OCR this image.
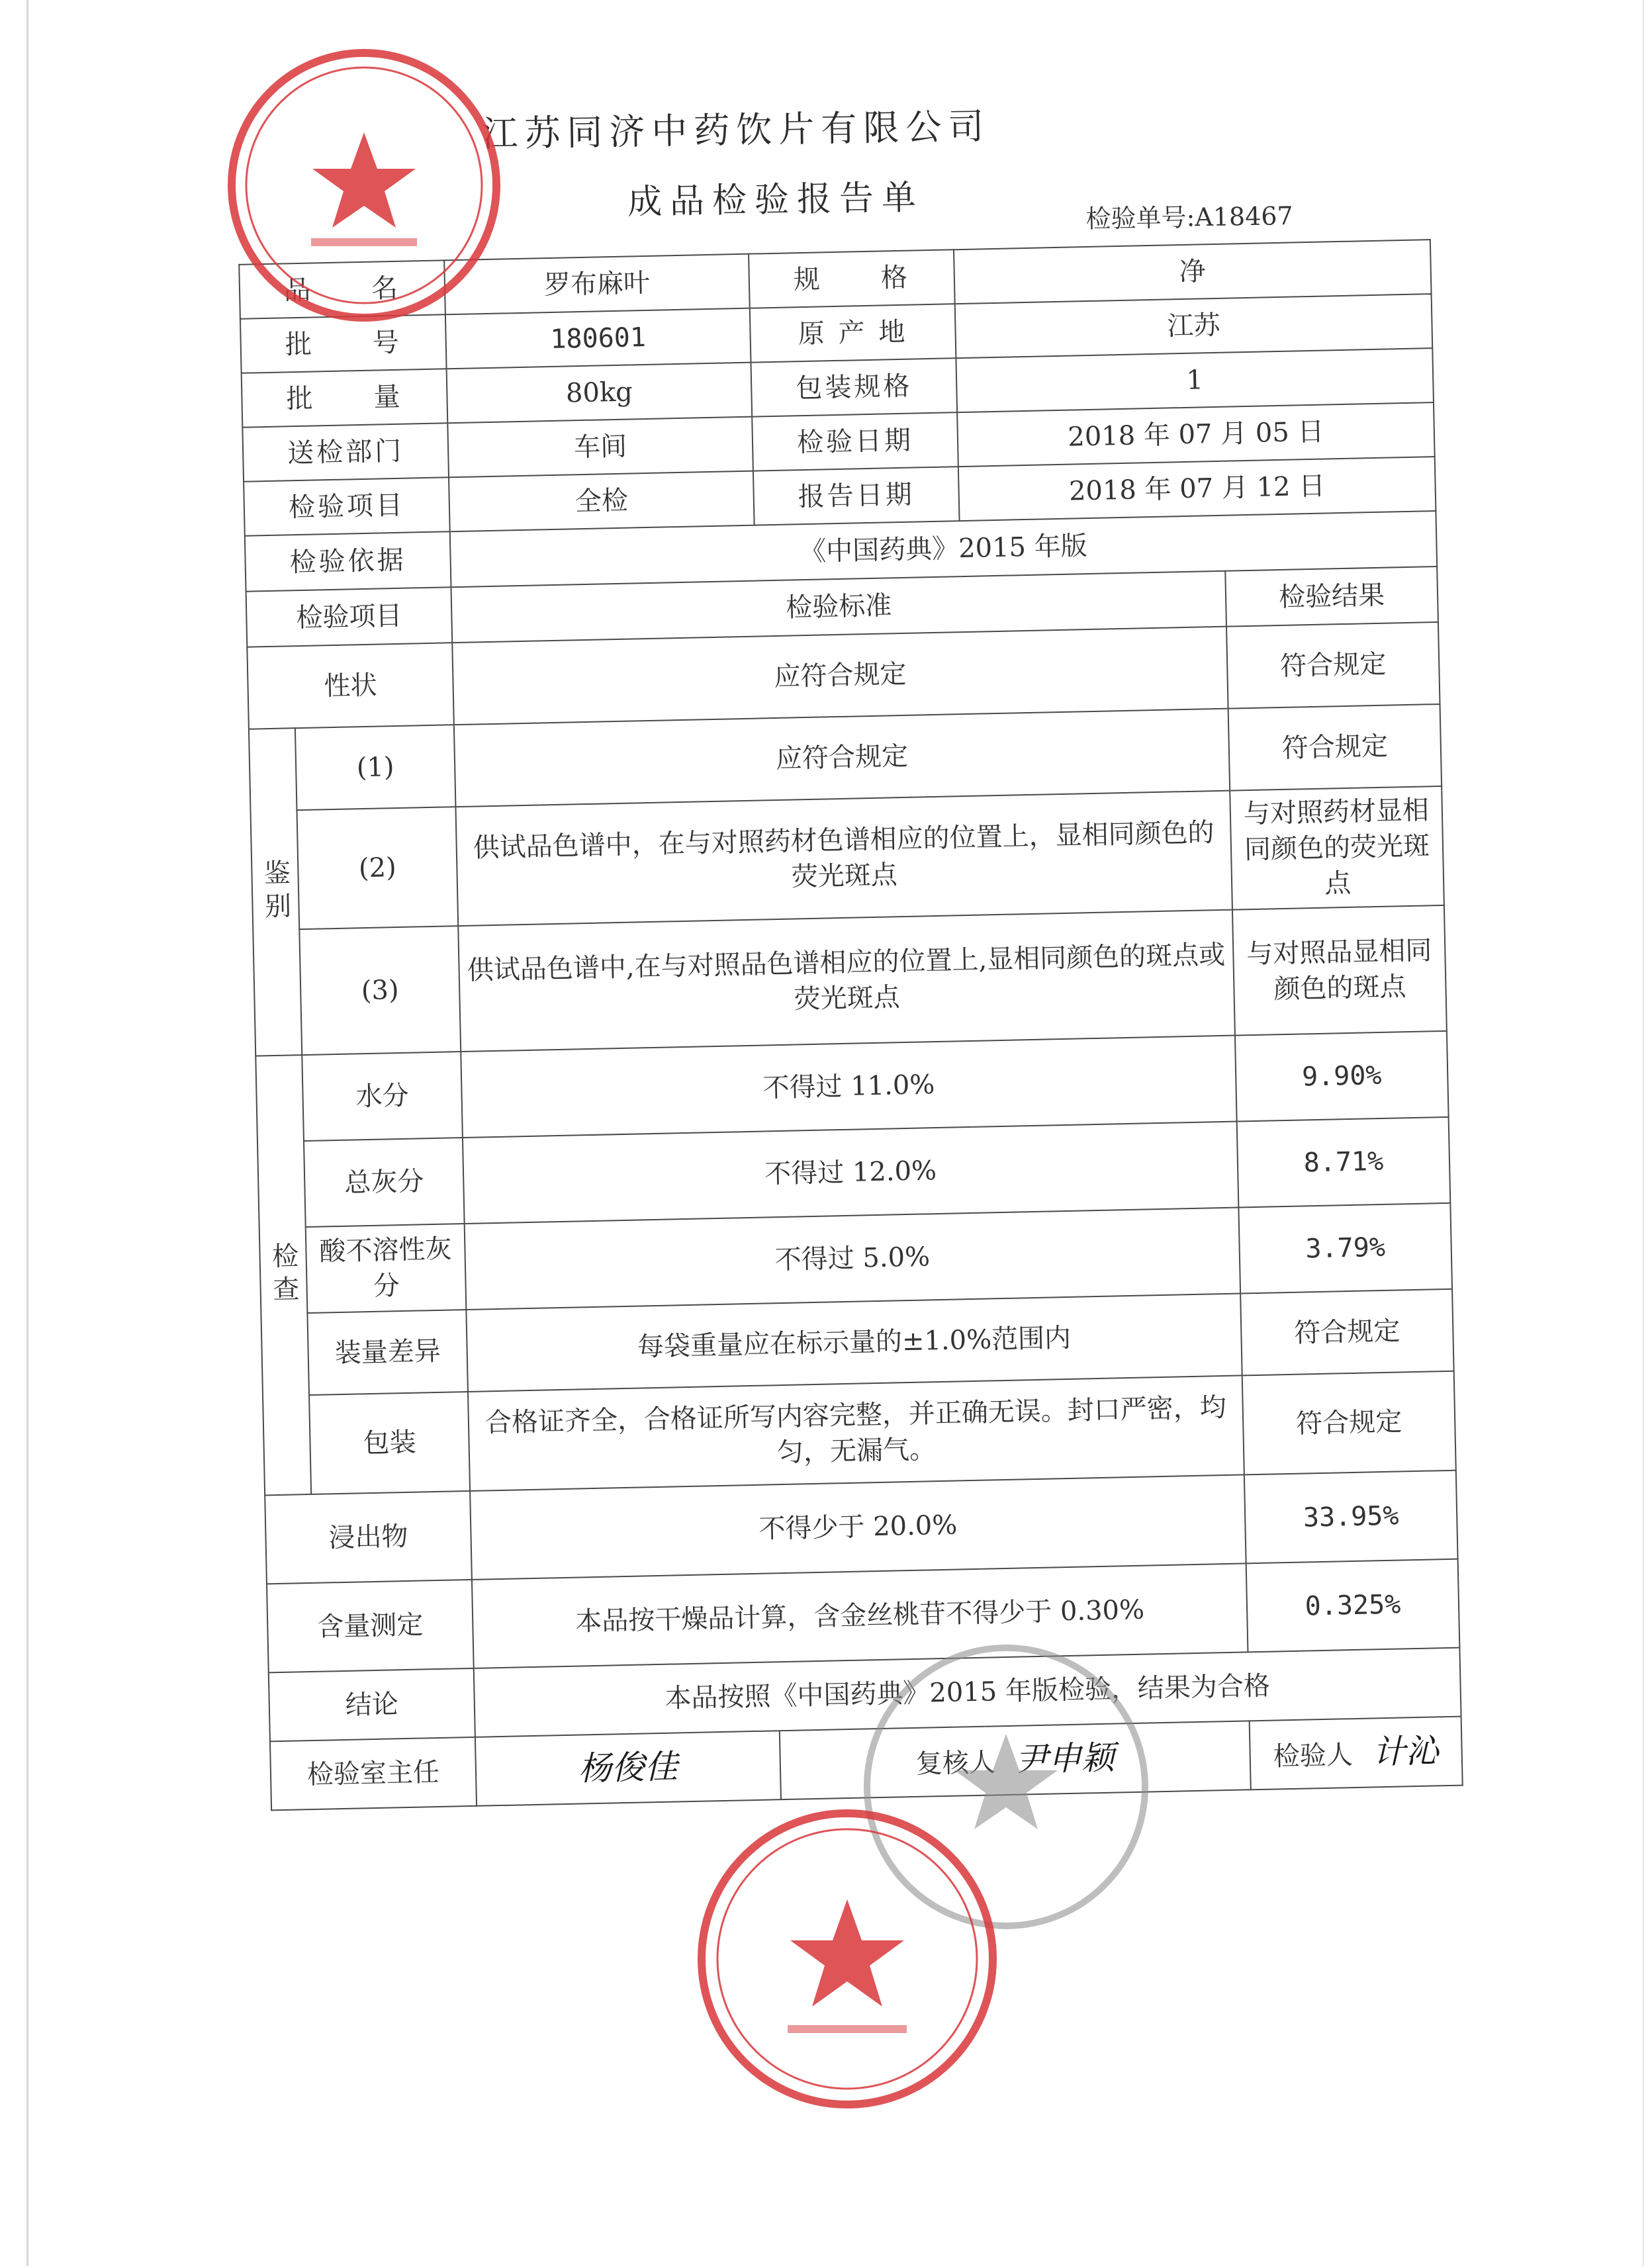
江苏同济中药饮片有限公司
成品检验报告单	检验单号:A18467
品　　名		罗布麻叶	规　　格	净	
批　　号		180601	原 产 地	江苏	
批　　量		80kg	包装规格	1	
送检部门		车间	检验日期	2018 年 07 月 05 日	
检验项目		全检	报告日期	2018 年 07 月 12 日	
检验依据		《中国药典》2015 年版			
检验项目		检验标准			检验结果
性状		应符合规定			符合规定
鉴别	(1)	应符合规定			符合规定
	(2)	供试品色谱中，在与对照药材色谱相应的位置上，显相同颜色的荧光斑点			与对照药材显相同颜色的荧光斑点
	(3)	供试品色谱中,在与对照品色谱相应的位置上,显相同颜色的斑点或荧光斑点			与对照品显相同颜色的斑点
检查	水分	不得过 11.0%			9.90%
	总灰分	不得过 12.0%			8.71%
	酸不溶性灰分	不得过 5.0%			3.79%
	装量差异	每袋重量应在标示量的±1.0%范围内			符合规定
	包装	合格证齐全，合格证所写内容完整，并正确无误。封口严密，均匀，无漏气。			符合规定
浸出物		不得少于 20.0%			33.95%
含量测定		本品按干燥品计算，含金丝桃苷不得少于 0.30%			0.325%
结论		本品按照《中国药典》2015 年版检验，结果为合格			
检验室主任		杨俊佳	复核人 尹申颖		检验人 计沁
